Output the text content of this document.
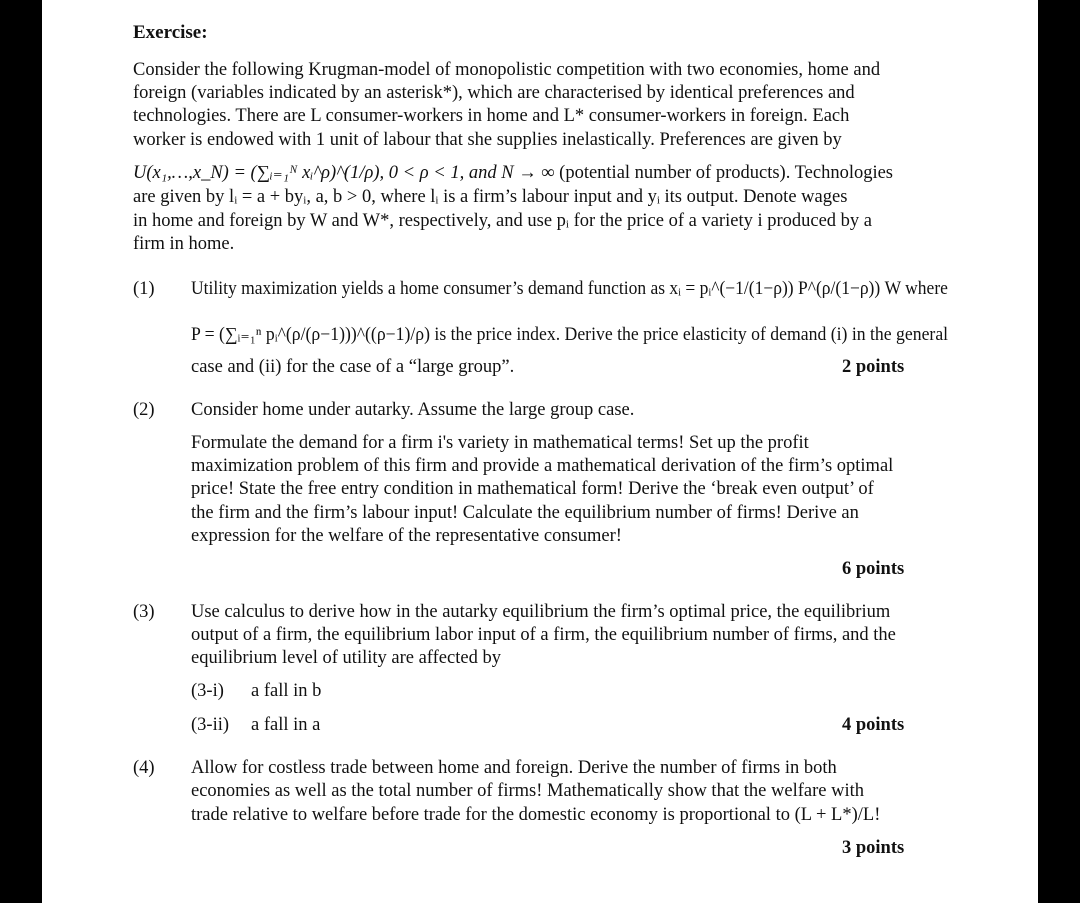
Exercise:
Consider the following Krugman-model of monopolistic competition with two economies, home and
foreign (variables indicated by an asterisk*), which are characterised by identical preferences and
technologies. There are L consumer-workers in home and L* consumer-workers in foreign. Each
worker is endowed with 1 unit of labour that she supplies inelastically. Preferences are given by
U(x₁,…,x_N) = (∑ᵢ₌₁ᴺ xᵢ^ρ)^(1/ρ), 0 < ρ < 1, and N → ∞ (potential number of products). Technologies
are given by lᵢ = a + byᵢ, a, b > 0, where lᵢ is a firm’s labour input and yᵢ its output. Denote wages
in home and foreign by W and W*, respectively, and use pᵢ for the price of a variety i produced by a
firm in home.
(1) Utility maximization yields a home consumer’s demand function as xᵢ = pᵢ^(−1/(1−ρ)) P^(ρ/(1−ρ)) W where
P = (∑ᵢ₌₁ⁿ pᵢ^(ρ/(ρ−1)))^((ρ−1)/ρ) is the price index. Derive the price elasticity of demand (i) in the general
case and (ii) for the case of a “large group”.	2 points
(2) Consider home under autarky. Assume the large group case.
Formulate the demand for a firm i's variety in mathematical terms! Set up the profit
maximization problem of this firm and provide a mathematical derivation of the firm’s optimal
price! State the free entry condition in mathematical form! Derive the ‘break even output’ of
the firm and the firm’s labour input! Calculate the equilibrium number of firms! Derive an
expression for the welfare of the representative consumer!
6 points
(3) Use calculus to derive how in the autarky equilibrium the firm’s optimal price, the equilibrium
output of a firm, the equilibrium labor input of a firm, the equilibrium number of firms, and the
equilibrium level of utility are affected by
(3-i) a fall in b
(3-ii) a fall in a	4 points
(4) Allow for costless trade between home and foreign. Derive the number of firms in both
economies as well as the total number of firms! Mathematically show that the welfare with
trade relative to welfare before trade for the domestic economy is proportional to (L + L*)/L!
3 points
